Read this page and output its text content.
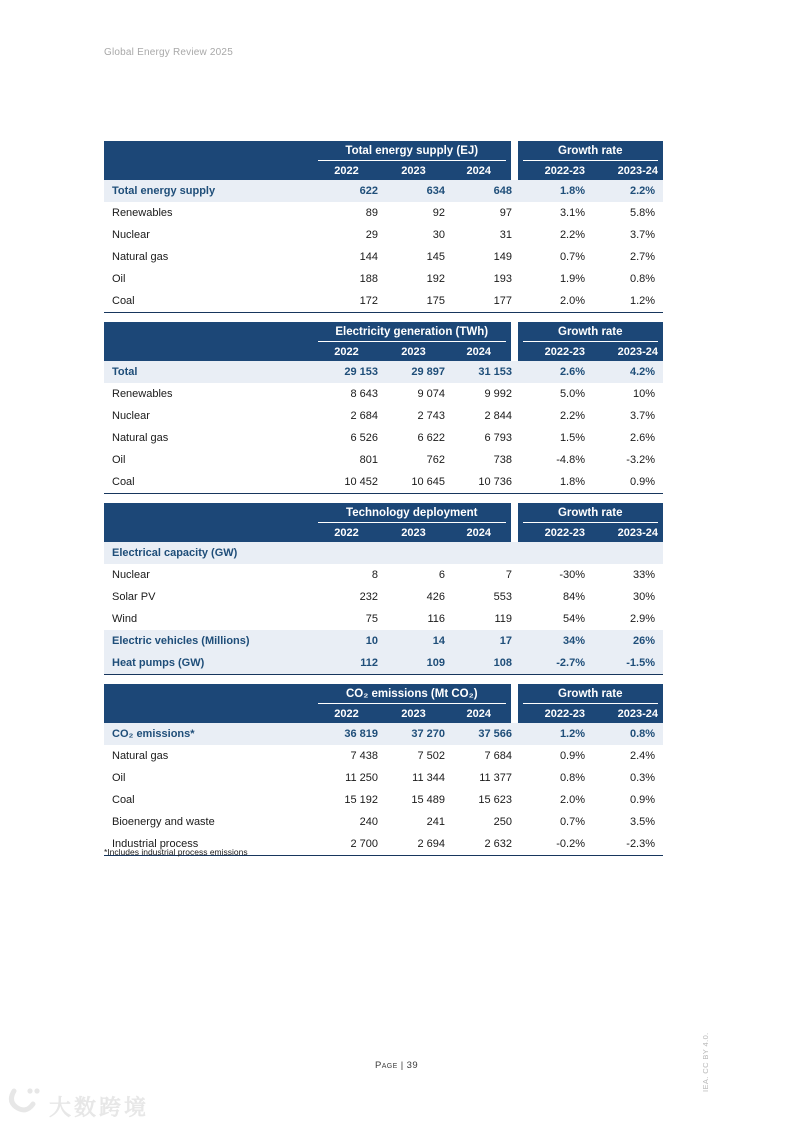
Global Energy Review 2025

	Total energy supply (EJ)			Growth rate	

	2022	2023	2024	2022-23	2023-24
Total energy supply	622	634	648	1.8%	2.2%
Renewables	89	92	97	3.1%	5.8%
Nuclear	29	30	31	2.2%	3.7%
Natural gas	144	145	149	0.7%	2.7%
Oil	188	192	193	1.9%	0.8%
Coal	172	175	177	2.0%	1.2%

	Electricity generation (TWh)			Growth rate	

	2022	2023	2024	2022-23	2023-24
Total	29 153	29 897	31 153	2.6%	4.2%
Renewables	8 643	9 074	9 992	5.0%	10%
Nuclear	2 684	2 743	2 844	2.2%	3.7%
Natural gas	6 526	6 622	6 793	1.5%	2.6%
Oil	801	762	738	-4.8%	-3.2%
Coal	10 452	10 645	10 736	1.8%	0.9%

	Technology deployment			Growth rate	

	2022	2023	2024	2022-23	2023-24
Electrical capacity (GW)					
Nuclear	8	6	7	-30%	33%
Solar PV	232	426	553	84%	30%
Wind	75	116	119	54%	2.9%
Electric vehicles (Millions)	10	14	17	34%	26%
Heat pumps (GW)	112	109	108	-2.7%	-1.5%

	CO₂ emissions (Mt CO₂)			Growth rate	

	2022	2023	2024	2022-23	2023-24
CO₂ emissions*	36 819	37 270	37 566	1.2%	0.8%
Natural gas	7 438	7 502	7 684	0.9%	2.4%
Oil	11 250	11 344	11 377	0.8%	0.3%
Coal	15 192	15 489	15 623	2.0%	0.9%
Bioenergy and waste	240	241	250	0.7%	3.5%
Industrial process	2 700	2 694	2 632	-0.2%	-2.3%
*Includes industrial process emissions
Page | 39	IEA. CC BY 4.0.
大数跨境
